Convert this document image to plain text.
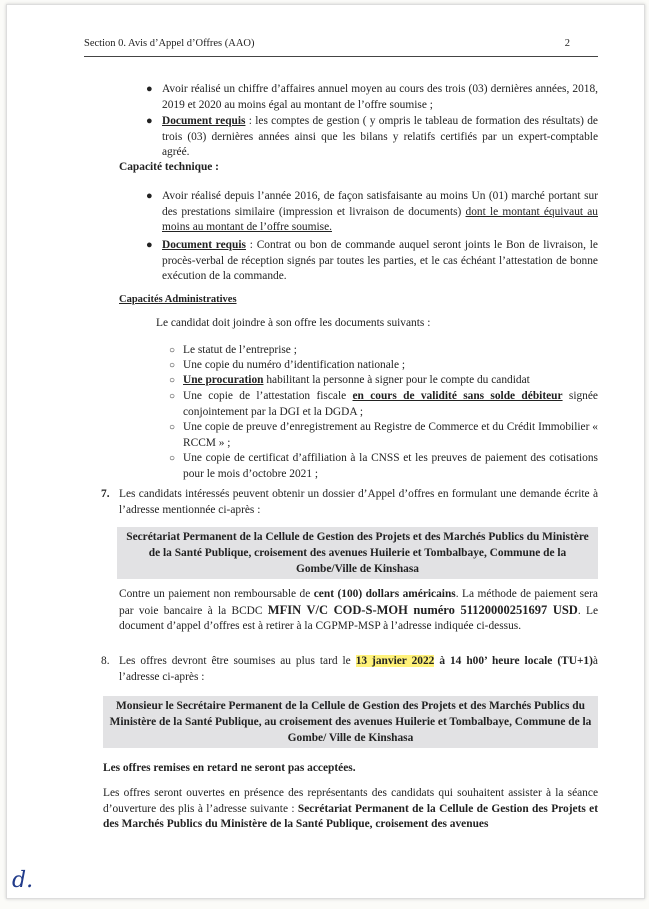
Section 0. Avis d’Appel d’Offres (AAO)	2
● Avoir réalisé un chiffre d’affaires annuel moyen au cours des trois (03) dernières années, 2018, 2019 et 2020 au moins égal au montant de l’offre soumise ;
● Document requis : les comptes de gestion ( y ompris le tableau de formation des résultats) de trois (03) dernières années ainsi que les bilans y relatifs certifiés par un expert-comptable agréé.
Capacité technique :
● Avoir réalisé depuis l’année 2016, de façon satisfaisante au moins Un (01) marché portant sur des prestations similaire (impression et livraison de documents) dont le montant équivaut au moins au montant de l’offre soumise.
● Document requis : Contrat ou bon de commande auquel seront joints le Bon de livraison, le procès-verbal de réception signés par toutes les parties, et le cas échéant l’attestation de bonne exécution de la commande.
Capacités Administratives
Le candidat doit joindre à son offre les documents suivants :
○ Le statut de l’entreprise ;
○ Une copie du numéro d’identification nationale ;
○ Une procuration habilitant la personne à signer pour le compte du candidat
○ Une copie de l’attestation fiscale en cours de validité sans solde débiteur signée conjointement par la DGI et la DGDA ;
○ Une copie de preuve d’enregistrement au Registre de Commerce et du Crédit Immobilier « RCCM » ;
○ Une copie de certificat d’affiliation à la CNSS et les preuves de paiement des cotisations pour le mois d’octobre 2021 ;
7. Les candidats intéressés peuvent obtenir un dossier d’Appel d’offres en formulant une demande écrite à l’adresse mentionnée ci-après :
Secrétariat Permanent de la Cellule de Gestion des Projets et des Marchés Publics du Ministère de la Santé Publique, croisement des avenues Huilerie et Tombalbaye, Commune de la Gombe/Ville de Kinshasa
Contre un paiement non remboursable de cent (100) dollars américains. La méthode de paiement sera par voie bancaire à la BCDC MFIN V/C COD-S-MOH numéro 51120000251697 USD. Le document d’appel d’offres est à retirer à la CGPMP-MSP à l’adresse indiquée ci-dessus.
8. Les offres devront être soumises au plus tard le 13 janvier 2022 à 14 h00’ heure locale (TU+1)à l’adresse ci-après :
Monsieur le Secrétaire Permanent de la Cellule de Gestion des Projets et des Marchés Publics du Ministère de la Santé Publique, au croisement des avenues Huilerie et Tombalbaye, Commune de la Gombe/ Ville de Kinshasa
Les offres remises en retard ne seront pas acceptées.
Les offres seront ouvertes en présence des représentants des candidats qui souhaitent assister à la séance d’ouverture des plis à l’adresse suivante : Secrétariat Permanent de la Cellule de Gestion des Projets et des Marchés Publics du Ministère de la Santé Publique, croisement des avenues
d.
